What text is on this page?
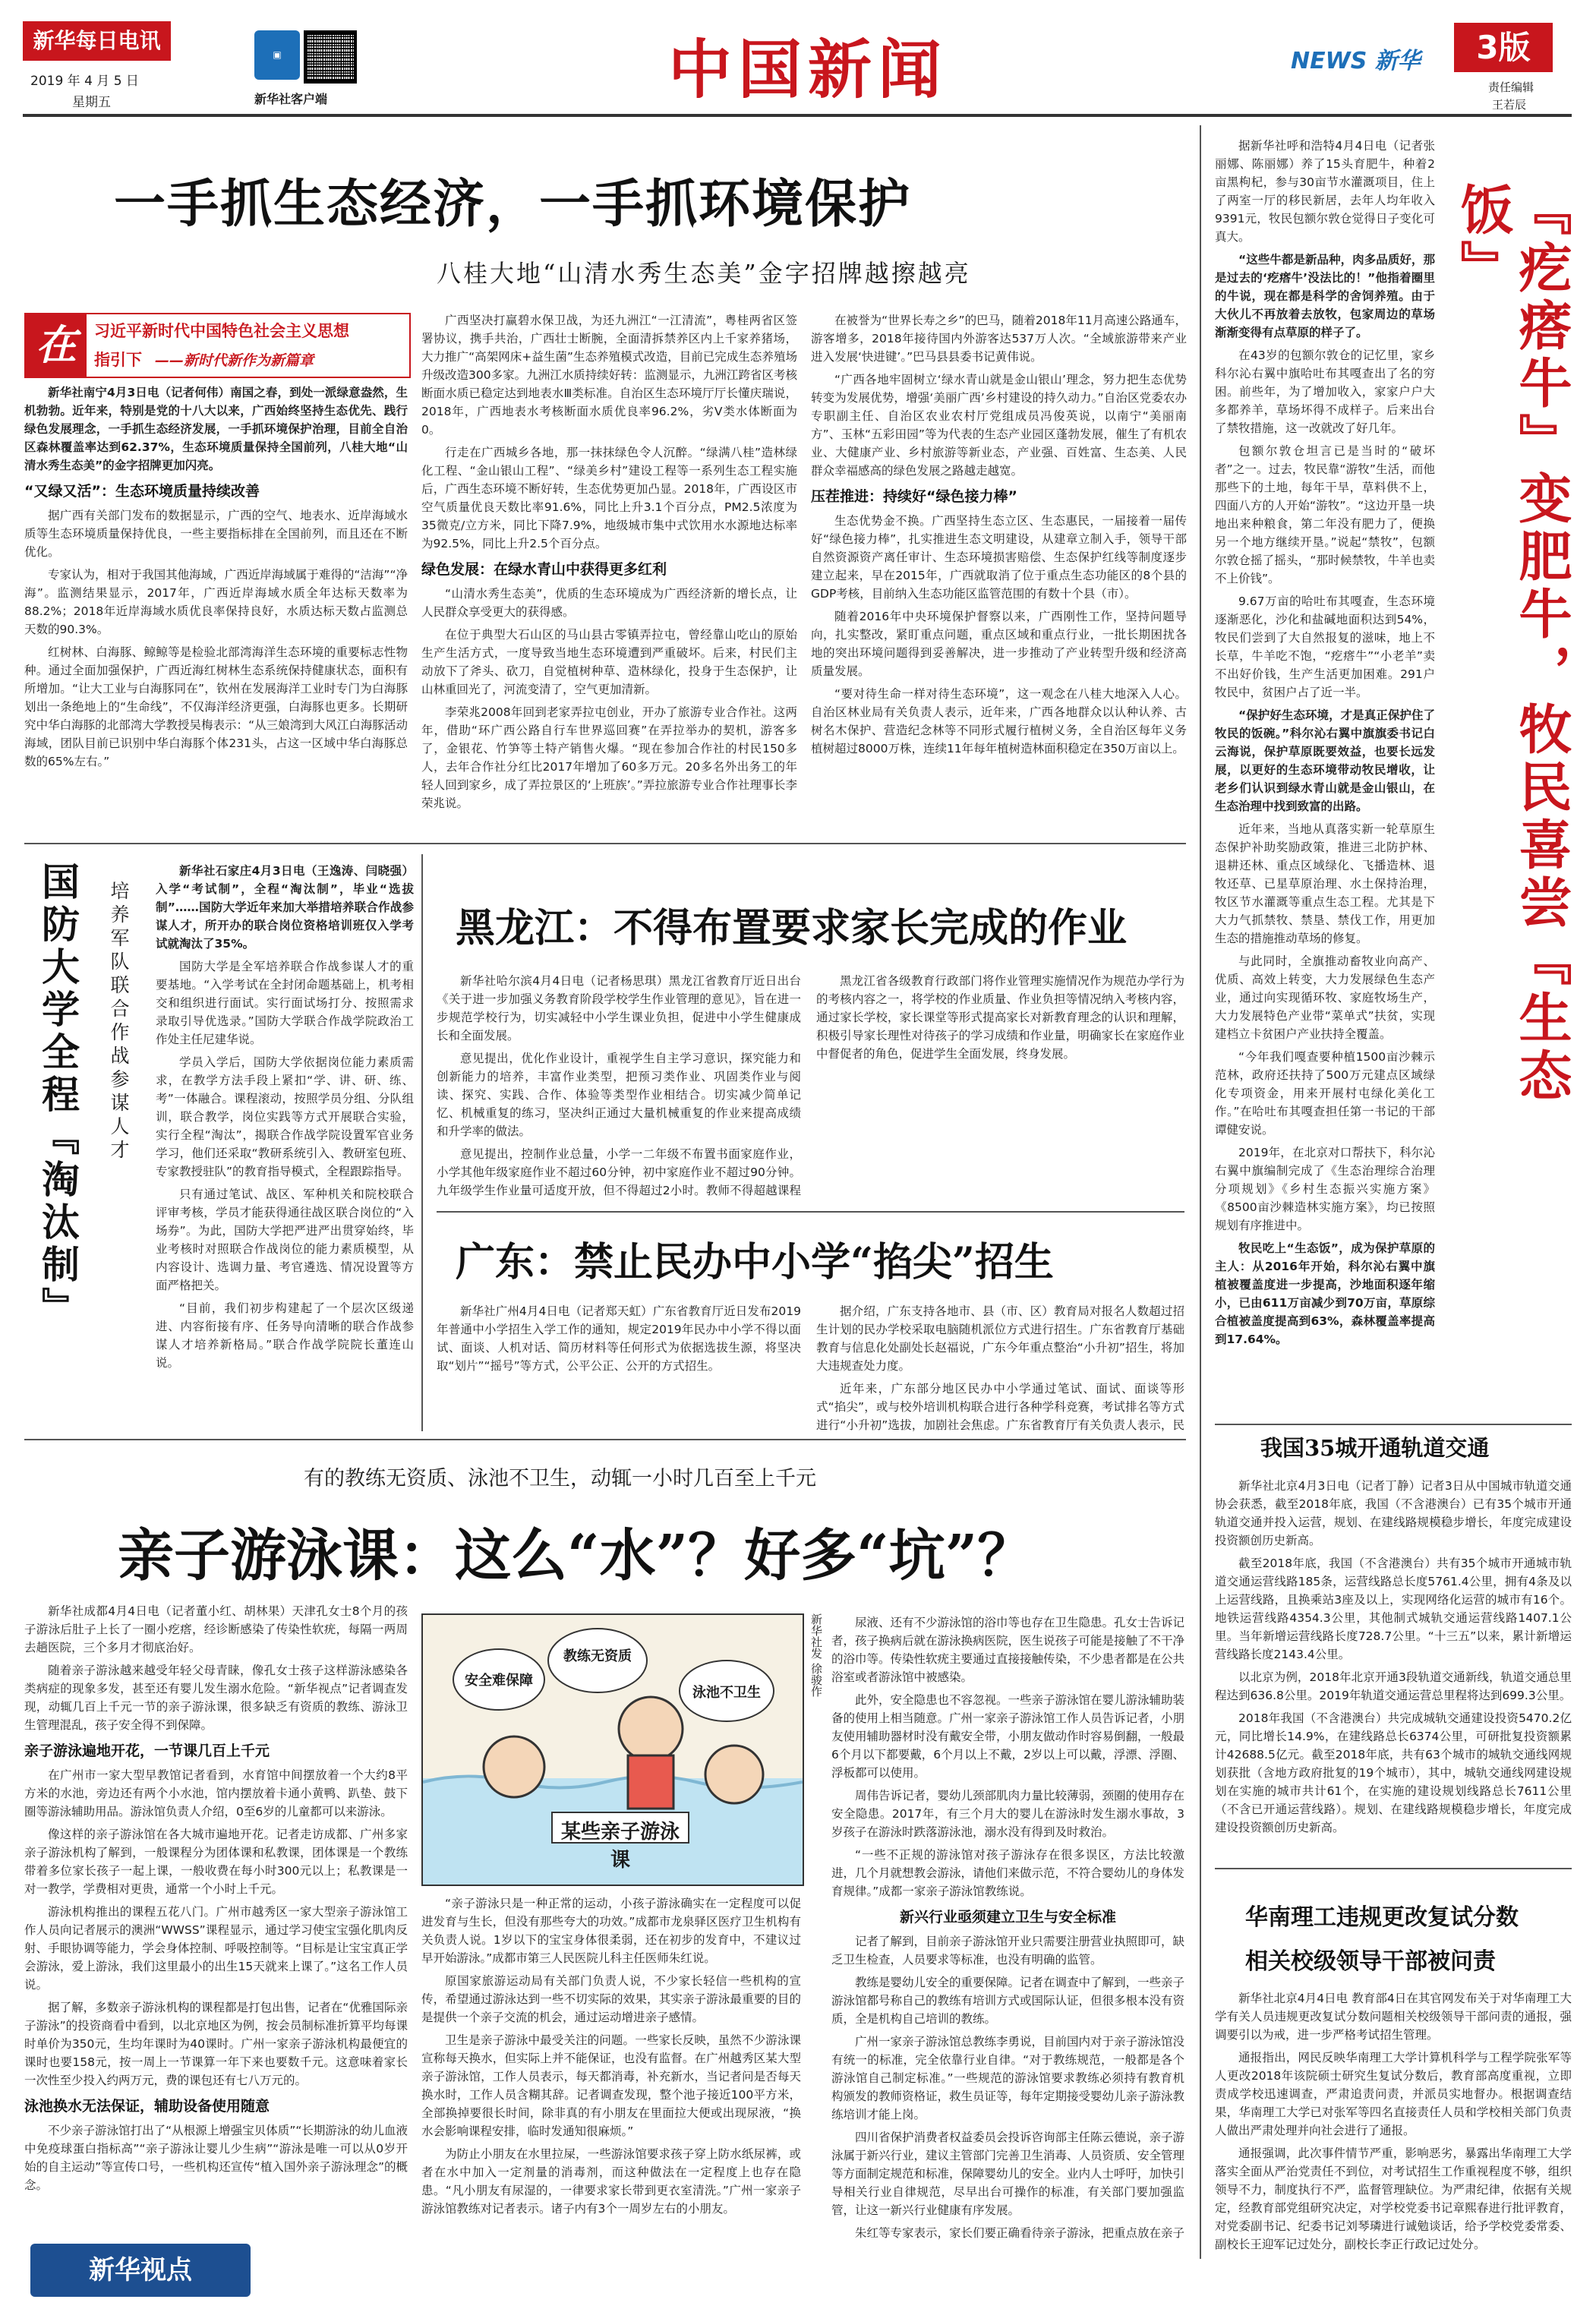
新华每日电讯
2019 年 4 月 5 日
星期五
▣
新华社客户端	中国新闻	NEWS 新华	3版
责任编辑
王若辰
一手抓生态经济，一手抓环境保护
八桂大地“山清水秀生态美”金字招牌越擦越亮
在	习近平新时代中国特色社会主义思想
指引下 ——新时代新作为新篇章

新华社南宁4月3日电（记者何伟）南国之春，到处一派绿意盎然，生机勃勃。近年来，特别是党的十八大以来，广西始终坚持生态优先、践行绿色发展理念，一手抓生态经济发展，一手抓环境保护治理，目前全自治区森林覆盖率达到62.37%，生态环境质量保持全国前列，八桂大地“山清水秀生态美”的金字招牌更加闪亮。

“又绿又活”：生态环境质量持续改善

据广西有关部门发布的数据显示，广西的空气、地表水、近岸海域水质等生态环境质量保持优良，一些主要指标排在全国前列，而且还在不断优化。

专家认为，相对于我国其他海域，广西近岸海域属于难得的“洁海”“净海”。监测结果显示，2017年，广西近岸海域水质全年达标天数率为88.2%；2018年近岸海域水质优良率保持良好，水质达标天数占监测总天数的90.3%。

红树林、白海豚、鲸鲸等是检验北部湾海洋生态环境的重要标志性物种。通过全面加强保护，广西近海红树林生态系统保持健康状态，面积有所增加。“让大工业与白海豚同在”，钦州在发展海洋工业时专门为白海豚划出一条绝地上的“生命线”，不仅海洋经济更强，白海豚也更多。长期研究中华白海豚的北部湾大学教授吴梅表示：“从三娘湾到大风江白海豚活动海域，团队目前已识别中华白海豚个体231头，占这一区域中华白海豚总数的65%左右。”

广西坚决打赢碧水保卫战，为还九洲江“一江清流”，粤桂两省区签署协议，携手共治，广西壮士断腕，全面清拆禁养区内上千家养猪场，大力推广“高架网床+益生菌”生态养殖模式改造，目前已完成生态养殖场升级改造300多家。九洲江水质持续好转：监测显示，九洲江跨省区考核断面水质已稳定达到地表水Ⅲ类标准。自治区生态环境厅厅长懂庆瑞说，2018年，广西地表水考核断面水质优良率96.2%，劣Ⅴ类水体断面为0。

行走在广西城乡各地，那一抹抹绿色令人沉醉。“绿满八桂”造林绿化工程、“金山银山工程”、“绿美乡村”建设工程等一系列生态工程实施后，广西生态环境不断好转，生态优势更加凸显。2018年，广西设区市空气质量优良天数比率91.6%，同比上升3.1个百分点，PM2.5浓度为35微克/立方米，同比下降7.9%，地级城市集中式饮用水水源地达标率为92.5%，同比上升2.5个百分点。

绿色发展：在绿水青山中获得更多红利

“山清水秀生态美”，优质的生态环境成为广西经济新的增长点，让人民群众享受更大的获得感。

在位于典型大石山区的马山县古零镇弄拉屯，曾经靠山吃山的原始生产生活方式，一度导致当地生态环境遭到严重破坏。后来，村民们主动放下了斧头、砍刀，自觉植树种草、造林绿化，投身于生态保护，让山林重回光了，河流变清了，空气更加清新。

李荣兆2008年回到老家弄拉屯创业，开办了旅游专业合作社。这两年，借助“环广西公路自行车世界巡回赛”在弄拉举办的契机，游客多了，金银花、竹笋等土特产销售火爆。“现在参加合作社的村民150多人，去年合作社分红比2017年增加了60多万元。20多名外出务工的年轻人回到家乡，成了弄拉景区的‘上班族’。”弄拉旅游专业合作社理事长李荣兆说。

在被誉为“世界长寿之乡”的巴马，随着2018年11月高速公路通车，游客增多，2018年接待国内外游客达537万人次。“全域旅游带来产业进入发展‘快进键’。”巴马县县委书记黄伟说。

“广西各地牢固树立‘绿水青山就是金山银山’理念，努力把生态优势转变为发展优势，增强‘美丽广西’乡村建设的持久动力。”自治区党委农办专职副主任、自治区农业农村厅党组成员冯俊英说，以南宁“美丽南方”、玉林“五彩田园”等为代表的生态产业园区蓬勃发展，催生了有机农业、大健康产业、乡村旅游等新业态，产业强、百姓富、生态美、人民群众幸福感高的绿色发展之路越走越宽。

压茬推进：持续好“绿色接力棒”

生态优势金不换。广西坚持生态立区、生态惠民，一届接着一届传好“绿色接力棒”，扎实推进生态文明建设，从建章立制入手，领导干部自然资源资产离任审计、生态环境损害赔偿、生态保护红线等制度逐步建立起来，早在2015年，广西就取消了位于重点生态功能区的8个县的GDP考核，目前纳入生态功能区监管范围的有数十个县（市）。

随着2016年中央环境保护督察以来，广西刚性工作，坚持问题导向，扎实整改，紧盯重点问题，重点区域和重点行业，一批长期困扰各地的突出环境问题得到妥善解决，进一步推动了产业转型升级和经济高质量发展。

“要对待生命一样对待生态环境”，这一观念在八桂大地深入人心。自治区林业局有关负责人表示，近年来，广西各地群众以认种认养、古树名木保护、营造纪念林等不同形式履行植树义务，全自治区每年义务植树超过8000万株，连续11年每年植树造林面积稳定在350万亩以上。

国防大学全程『淘汰制』 培养军队联合作战参谋人才

新华社石家庄4月3日电（王逸涛、闫晓强）入学“考试制”，全程“淘汰制”，毕业“选拔制”……国防大学近年来加大举措培养联合作战参谋人才，所开办的联合岗位资格培训班仅入学考试就淘汰了35%。

国防大学是全军培养联合作战参谋人才的重要基地。“入学考试在全封闭命题基础上，机考相交和组织进行面试。实行面试场打分、按照需求录取引导优选录。”国防大学联合作战学院政治工作处主任尼建华说。

学员入学后，国防大学依据岗位能力素质需求，在教学方法手段上紧扣“学、讲、研、练、考”一体融合。课程滚动，按照学员分组、分队组训，联合教学，岗位实践等方式开展联合实验，实行全程“淘汰”，揭联合作战学院设置军官业务学习，他们还采取“教研系统引入、教研室包班、专家教授驻队”的教育指导模式，全程跟踪指导。

只有通过笔试、战区、军种机关和院校联合评审考核，学员才能获得通往战区联合岗位的“入场券”。为此，国防大学把严进严出贯穿始终，毕业考核时对照联合作战岗位的能力素质模型，从内容设计、选调力量、考官遴选、情况设置等方面严格把关。

“目前，我们初步构建起了一个层次区级递进、内容衔接有序、任务导向清晰的联合作战参谋人才培养新格局。”联合作战学院院长董连山说。

黑龙江：不得布置要求家长完成的作业

新华社哈尔滨4月4日电（记者杨思琪）黑龙江省教育厅近日出台《关于进一步加强义务教育阶段学校学生作业管理的意见》，旨在进一步规范学校行为，切实减轻中小学生课业负担，促进中小学生健康成长和全面发展。

意见提出，优化作业设计，重视学生自主学习意识，探究能力和创新能力的培养，丰富作业类型，把预习类作业、巩固类作业与阅读、探究、实践、合作、体验等类型作业相结合。切实减少简单记忆、机械重复的练习，坚决纠正通过大量机械重复的作业来提高成绩和升学率的做法。

意见提出，控制作业总量，小学一二年级不布置书面家庭作业，小学其他年级家庭作业不超过60分钟，初中家庭作业不超过90分钟。九年级学生作业量可适度开放，但不得超过2小时。教师不得超越课程

黑龙江省各级教育行政部门将作业管理实施情况作为规范办学行为的考核内容之一，将学校的作业质量、作业负担等情况纳入考核内容，通过家长学校，家长课堂等形式提高家长对新教育理念的认识和理解，积极引导家长理性对待孩子的学习成绩和作业量，明确家长在家庭作业中督促者的角色，促进学生全面发展，终身发展。

广东：禁止民办中小学“掐尖”招生

新华社广州4月4日电（记者郑天虹）广东省教育厅近日发布2019年普通中小学招生入学工作的通知，规定2019年民办中小学不得以面试、面谈、人机对话、简历材料等任何形式为依据选拔生源，将坚决取“划片”“摇号”等方式，公平公正、公开的方式招生。

据介绍，广东支持各地市、县（市、区）教育局对报名人数超过招生计划的民办学校采取电脑随机派位方式进行招生。广东省教育厅基础教育与信息化处副处长赵福说，广东今年重点整治“小升初”招生，将加大违规查处力度。

近年来，广东部分地区民办中小学通过笔试、面试、面谈等形式“掐尖”，或与校外培训机构联合进行各种学科竞赛，考试排名等方式进行“小升初”选拔，加剧社会焦虑。广东省教育厅有关负责人表示，民

据新华社呼和浩特4月4日电（记者张丽娜、陈丽娜）养了15头育肥牛，种着2亩黑枸杞，参与30亩节水灌溉项目，住上了两室一厅的移民新居，去年人均年收入9391元，牧民包额尔敦仓觉得日子变化可真大。

“这些牛都是新品种，肉多品质好，那是过去的‘疙瘩牛’没法比的！”他指着圈里的牛说，现在都是科学的舍饲养殖。由于大伙儿不再放着去放牧，包家周边的草场渐渐变得有点草原的样子了。

在43岁的包额尔敦仓的记忆里，家乡科尔沁右翼中旗哈吐布其嘎查出了名的穷困。前些年，为了增加收入，家家户户大多都养羊，草场坏得不成样子。后来出台了禁牧措施，这一改就改了好几年。

包额尔敦仓坦言已是当时的“破坏者”之一。过去，牧民靠“游牧”生活，而他那些下的土地，每年干旱，草料供不上，四面八方的人开始“游牧”。“这边开垦一块地出来种粮食，第二年没有肥力了，便换另一个地方继续开垦。”说起“禁牧”，包额尔敦仓摇了摇头，“那时候禁牧，牛羊也卖不上价钱”。

9.67万亩的哈吐布其嘎查，生态环境逐渐恶化，沙化和盐碱地面积达到54%，牧民们尝到了大自然报复的滋味，地上不长草，牛羊吃不饱，“疙瘩牛”“小老羊”卖不出好价钱，生产生活更加困难。291户牧民中，贫困户占了近一半。

“保护好生态环境，才是真正保护住了牧民的饭碗。”科尔沁右翼中旗旗委书记白云海说，保护草原既要效益，也要长远发展，以更好的生态环境带动牧民增收，让老乡们认识到绿水青山就是金山银山，在生态治理中找到致富的出路。

近年来，当地从真落实新一轮草原生态保护补助奖励政策，推进三北防护林、退耕还林、重点区域绿化、飞播造林、退牧还草、已星草原治理、水土保持治理，牧区节水灌溉等重点生态工程。尤其是下大力气抓禁牧、禁垦、禁伐工作，用更加生态的措施推动草场的修复。

与此同时，全旗推动畜牧业向高产、优质、高效上转变，大力发展绿色生态产业，通过向实现循环牧、家庭牧场生产，大力发展特色产业带“菜单式”扶贫，实现建档立卡贫困户产业扶持全覆盖。

“今年我们嘎查要种植1500亩沙棘示范林，政府还扶持了500万元建点区域绿化专项资金，用来开展村屯绿化美化工作。”在哈吐布其嘎查担任第一书记的干部谭健安说。

2019年，在北京对口帮扶下，科尔沁右翼中旗编制完成了《生态治理综合治理分项规划》《乡村生态振兴实施方案》《8500亩沙棘造林实施方案》，均已按照规划有序推进中。

牧民吃上“生态饭”，成为保护草原的主人：从2016年开始，科尔沁右翼中旗植被覆盖度进一步提高，沙地面积逐年缩小，已由611万亩减少到70万亩，草原综合植被盖度提高到63%，森林覆盖率提高到17.64%。

『疙瘩牛』变肥牛，牧民喜尝『生态饭』
我国35城开通轨道交通

新华社北京4月3日电（记者丁静）记者3日从中国城市轨道交通协会获悉，截至2018年底，我国（不含港澳台）已有35个城市开通轨道交通并投入运营，规划、在建线路规模稳步增长，年度完成建设投资额创历史新高。

截至2018年底，我国（不含港澳台）共有35个城市开通城市轨道交通运营线路185条，运营线路总长度5761.4公里，拥有4条及以上运营线路，且换乘站3座及以上，实现网络化运营的城市有16个。地铁运营线路4354.3公里，其他制式城轨交通运营线路1407.1公里。当年新增运营线路长度728.7公里。“十三五”以来，累计新增运营线路长度2143.4公里。

以北京为例，2018年北京开通3段轨道交通新线，轨道交通总里程达到636.8公里。2019年轨道交通运营总里程将达到699.3公里。

2018年我国（不含港澳台）共完成城轨交通建设投资5470.2亿元，同比增长14.9%，在建线路总长6374公里，可研批复投资额累计42688.5亿元。截至2018年底，共有63个城市的城轨交通线网规划获批（含地方政府批复的19个城市），其中，城轨交通线网建设规划在实施的城市共计61个，在实施的建设规划线路总长7611公里（不含已开通运营线路）。规划、在建线路规模稳步增长，年度完成建设投资额创历史新高。

华南理工违规更改复试分数
相关校级领导干部被问责

新华社北京4月4日电 教育部4日在其官网发布关于对华南理工大学有关人员违规更改复试分数问题相关校级领导干部问责的通报，强调要引以为戒，进一步严格考试招生管理。

通报指出，网民反映华南理工大学计算机科学与工程学院张军等人更改2018年该院硕士研究生复试分数后，教育部高度重视，立即责成学校迅速调查，严肃追责问责，并派员实地督办。根据调查结果，华南理工大学已对张军等四名直接责任人员和学校相关部门负责人做出严肃处理并向社会进行了通报。

通报强调，此次事件情节严重，影响恶劣，暴露出华南理工大学落实全面从严治党责任不到位，对考试招生工作重视程度不够，组织领导不力，制度执行不严，监督管理缺位。为严肃纪律，依据有关规定，经教育部党组研究决定，对学校党委书记章熙春进行批评教育，对党委副书记、纪委书记刘琴璘进行诚勉谈话，给予学校党委常委、副校长王迎军记过处分，副校长李正行政记过处分。

有的教练无资质、泳池不卫生，动辄一小时几百至上千元
亲子游泳课：这么“水”？好多“坑”？

新华社成都4月4日电（记者董小红、胡林果）天津孔女士8个月的孩子游泳后肚子上长了一圈小疙瘩，经诊断感染了传染性软疣，每隔一两周去趟医院，三个多月才彻底治好。

随着亲子游泳越来越受年轻父母青睐，像孔女士孩子这样游泳感染各类病症的现象多发，甚至还有婴儿发生溺水危险。“新华视点”记者调查发现，动辄几百上千元一节的亲子游泳课，很多缺乏有资质的教练、游泳卫生管理混乱，孩子安全得不到保障。

亲子游泳遍地开花，一节课几百上千元

在广州市一家大型早教馆记者看到，水育馆中间摆放着一个大约8平方米的水池，旁边还有两个小水池，馆内摆放着卡通小黄鸭、趴垫、鼓下圈等游泳辅助用品。游泳馆负责人介绍，0至6岁的儿童都可以来游泳。

像这样的亲子游泳馆在各大城市遍地开花。记者走访成都、广州多家亲子游泳机构了解到，一般课程分为团体课和私教课，团体课是一个教练带着多位家长孩子一起上课，一般收费在每小时300元以上；私教课是一对一教学，学费相对更贵，通常一个小时上千元。

游泳机构推出的课程五花八门。广州市越秀区一家大型亲子游泳馆工作人员向记者展示的澳洲“WWSS”课程显示，通过学习使宝宝强化肌肉反射、手眼协调等能力，学会身体控制、呼吸控制等。“目标是让宝宝真正学会游泳，爱上游泳，我们这里最小的出生15天就来上课了。”这名工作人员说。

据了解，多数亲子游泳机构的课程都是打包出售，记者在“优雅国际亲子游泳”的投资商看中看到，以北京地区为例，按会员制标准折算平均每课时单价为350元，生均年课时为40课时。广州一家亲子游泳机构最便宜的课时也要158元，按一周上一节课算一年下来也要数千元。这意味着家长一次性至少投入约两万元，费的课包还有七八万元的。

泳池换水无法保证，辅助设备使用随意

不少亲子游泳馆打出了“从根源上增强宝贝体质”“长期游泳的幼儿血液中免疫球蛋白指标高”“亲子游泳让婴儿少生病”“游泳是唯一可以从0岁开始的自主运动”等宣传口号，一些机构还宣传“植入国外亲子游泳理念”的概念。

教练无资质
安全难保障
泳池不卫生
某些亲子游泳课
新华社发 徐骏作

“亲子游泳只是一种正常的运动，小孩子游泳确实在一定程度可以促进发育与生长，但没有那些夸大的功效。”成都市龙泉驿区医疗卫生机构有关负责人说。1岁以下的宝宝身体很柔弱，还在初步的发育中，不建议过早开始游泳。”成都市第三人民医院儿科主任医师朱红说。

原国家旅游运动局有关部门负责人说，不少家长轻信一些机构的宣传，希望通过游泳达到一些不切实际的效果，其实亲子游泳最重要的目的是提供一个亲子交流的机会，通过运动增进亲子感情。

卫生是亲子游泳中最受关注的问题。一些家长反映，虽然不少游泳课宣称每天换水，但实际上并不能保证，也没有监督。在广州越秀区某大型亲子游泳馆，工作人员表示，每天都消毒，补充新水，当记者问是否每天换水时，工作人员含糊其辞。记者调查发现，整个池子接近100平方米，全部换掉要很长时间，除非真的有小朋友在里面拉大便或出现尿液，“换水会影响课程安排，临时发通知很麻烦。”

为防止小朋友在水里拉屎，一些游泳馆要求孩子穿上防水纸尿裤，或者在水中加入一定剂量的消毒剂，而这种做法在一定程度上也存在隐患。“凡小朋友有尿湿的，一律要求家长带到更衣室清洗。”广州一家亲子游泳馆教练对记者表示。诸子内有3个一周岁左右的小朋友。

尿液、还有不少游泳馆的浴巾等也存在卫生隐患。孔女士告诉记者，孩子换病后就在游泳换病医院，医生说孩子可能是接触了不干净的浴巾等。传染性软疣主要通过直接接触传染，不少患者都是在公共浴室或者游泳馆中被感染。

此外，安全隐患也不容忽视。一些亲子游泳馆在婴儿游泳辅助装备的使用上相当随意。广州一家亲子游泳馆工作人员告诉记者，小朋友使用辅助器材时没有戴安全带，小朋友做动作时容易倒翻，一般最6个月以下都要戴，6个月以上不戴，2岁以上可以戴，浮漂、浮圈、浮板都可以使用。

周伟告诉记者，婴幼儿颈部肌肉力量比较薄弱，颈圈的使用存在安全隐患。2017年，有三个月大的婴儿在游泳时发生溺水事故，3岁孩子在游泳时跌落游泳池，溺水没有得到及时救治。

“一些不正规的游泳馆对孩子游泳存在很多误区，方法比较激进，几个月就想教会游泳，请他们来做示范，不符合婴幼儿的身体发育规律。”成都一家亲子游泳馆教练说。

新兴行业亟须建立卫生与安全标准

记者了解到，目前亲子游泳馆开业只需要注册营业执照即可，缺乏卫生检查，人员要求等标准，也没有明确的监管。

教练是婴幼儿安全的重要保障。记者在调查中了解到，一些亲子游泳馆都号称自己的教练有培训方式或国际认证，但很多根本没有资质，全是机构自己培训的教练。

广州一家亲子游泳馆总教练李勇说，目前国内对于亲子游泳馆没有统一的标准，完全依靠行业自律。“对于教练规范，一般都是各个游泳馆自己制定标准。”一些规范的游泳馆要求教练必须持有教育机构颁发的教师资格证，救生员证等，每年定期接受婴幼儿亲子游泳教练培训才能上岗。

四川省保护消费者权益委员会投诉咨询部主任陈云德说，亲子游泳属于新兴行业，建议主管部门完善卫生消毒、人员资质、安全管理等方面制定规范和标准，保障婴幼儿的安全。业内人士呼吁，加快引导相关行业自律规范，尽早出台可操作的标准，有关部门要加强监管，让这一新兴行业健康有序发展。

朱红等专家表示，家长们要正确看待亲子游泳，把重点放在亲子

新华视点
